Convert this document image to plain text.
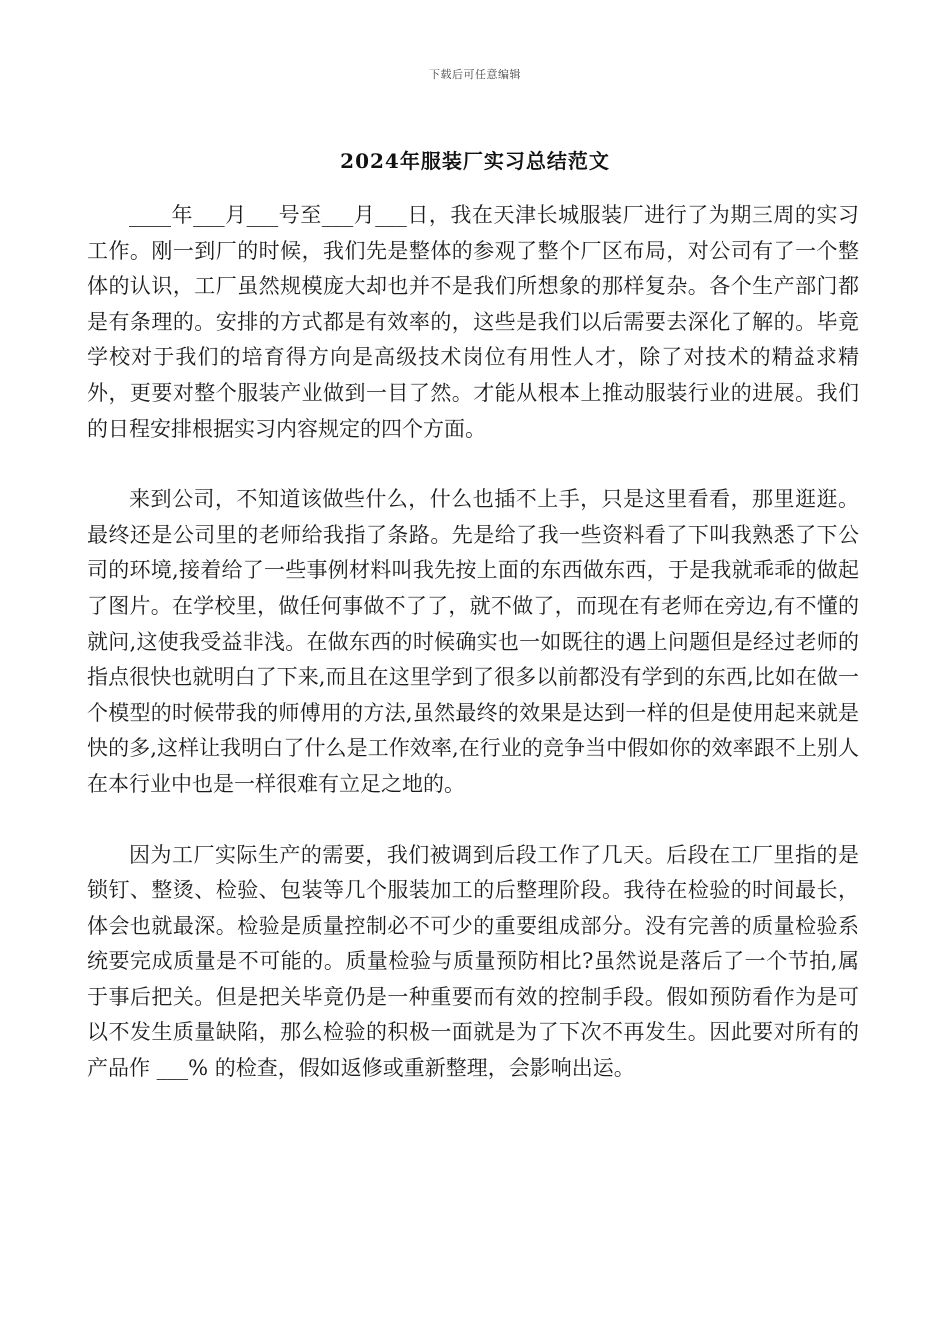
下载后可任意编辑
2024年服装厂实习总结范文

____年___月___号至___月___日，我在天津长城服装厂进行了为期三周的实习工作。刚一到厂的时候，我们先是整体的参观了整个厂区布局，对公司有了一个整体的认识，工厂虽然规模庞大却也并不是我们所想象的那样复杂。各个生产部门都是有条理的。安排的方式都是有效率的，这些是我们以后需要去深化了解的。毕竟学校对于我们的培育得方向是高级技术岗位有用性人才，除了对技术的精益求精外，更要对整个服装产业做到一目了然。才能从根本上推动服装行业的进展。我们的日程安排根据实习内容规定的四个方面。

来到公司，不知道该做些什么，什么也插不上手，只是这里看看，那里逛逛。最终还是公司里的老师给我指了条路。先是给了我一些资料看了下叫我熟悉了下公司的环境,接着给了一些事例材料叫我先按上面的东西做东西，于是我就乖乖的做起了图片。在学校里，做任何事做不了了，就不做了，而现在有老师在旁边,有不懂的就问,这使我受益非浅。在做东西的时候确实也一如既往的遇上问题但是经过老师的指点很快也就明白了下来,而且在这里学到了很多以前都没有学到的东西,比如在做一个模型的时候带我的师傅用的方法,虽然最终的效果是达到一样的但是使用起来就是快的多,这样让我明白了什么是工作效率,在行业的竞争当中假如你的效率跟不上别人在本行业中也是一样很难有立足之地的。

因为工厂实际生产的需要，我们被调到后段工作了几天。后段在工厂里指的是锁钉、整烫、检验、包装等几个服装加工的后整理阶段。我待在检验的时间最长，体会也就最深。检验是质量控制必不可少的重要组成部分。没有完善的质量检验系统要完成质量是不可能的。质量检验与质量预防相比?虽然说是落后了一个节拍,属于事后把关。但是把关毕竟仍是一种重要而有效的控制手段。假如预防看作为是可以不发生质量缺陷，那么检验的积极一面就是为了下次不再发生。因此要对所有的产品作 ___% 的检查，假如返修或重新整理，会影响出运。
